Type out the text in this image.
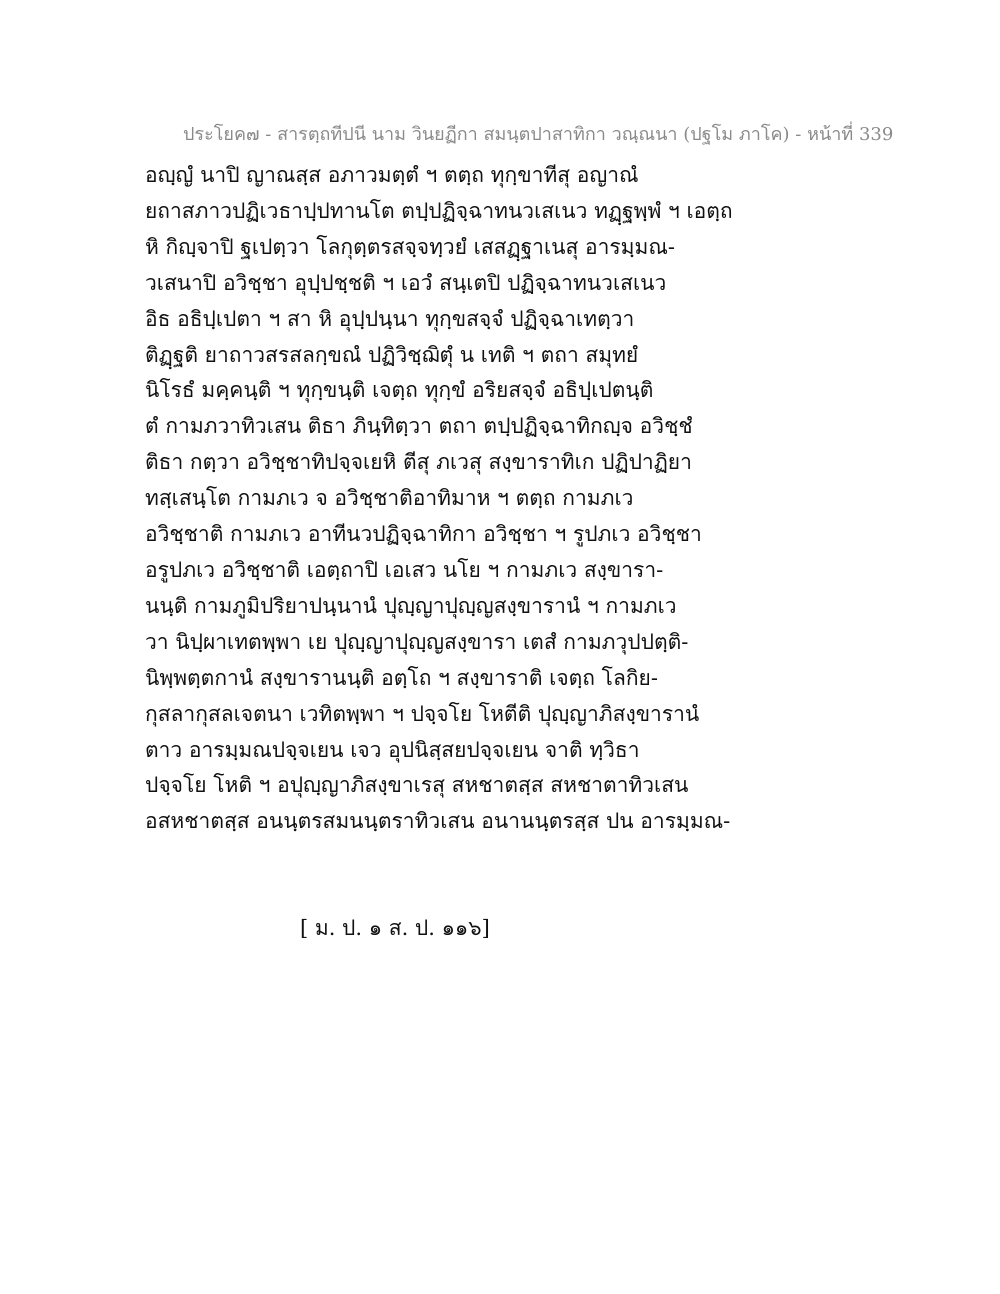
ประโยค๗ - สารตฺถทีปนี นาม วินยฏีกา สมนฺตปาสาทิกา วณฺณนา (ปฐโม ภาโค) - หน้าที่ 339
อญฺญํ นาปิ ญาณสฺส อภาวมตฺตํ ฯ ตตฺถ ทุกฺขาทีสุ อญาณํ
ยถาสภาวปฏิเวธาปฺปทานโต ตปฺปฏิจฺฉาทนวเสเนว ทฏฺฐพฺพํ ฯ เอตฺถ
หิ กิญฺจาปิ ฐเปตฺวา โลกุตฺตรสจฺจทฺวยํ เสสฏฺฐาเนสุ อารมฺมณ-
วเสนาปิ อวิชฺชา อุปฺปชฺชติ ฯ เอวํ สนฺเตปิ ปฏิจฺฉาทนวเสเนว
อิธ อธิปฺเปตา ฯ สา หิ อุปฺปนฺนา ทุกฺขสจฺจํ ปฏิจฺฉาเทตฺวา
ติฏฺฐติ ยาถาวสรสลกฺขณํ ปฏิวิชฺฌิตุํ น เทติ ฯ ตถา สมุทยํ
นิโรธํ มคฺคนฺติ ฯ ทุกฺขนฺติ เจตฺถ ทุกฺขํ อริยสจฺจํ อธิปฺเปตนฺติ
ตํ กามภวาทิวเสน ติธา ภินฺทิตฺวา ตถา ตปฺปฏิจฺฉาทิกญฺจ อวิชฺชํ
ติธา กตฺวา อวิชฺชาทิปจฺจเยหิ ตีสุ ภเวสุ สงฺขาราทิเก ปฏิปาฏิยา
ทสฺเสนฺโต กามภเว จ อวิชฺชาติอาทิมาห ฯ ตตฺถ กามภเว
อวิชฺชาติ กามภเว อาทีนวปฏิจฺฉาทิกา อวิชฺชา ฯ รูปภเว อวิชฺชา
อรูปภเว อวิชฺชาติ เอตฺถาปิ เอเสว นโย ฯ กามภเว สงฺขารา-
นนฺติ กามภูมิปริยาปนฺนานํ ปุญฺญาปุญฺญสงฺขารานํ ฯ กามภเว
วา นิปฺผาเทตพฺพา เย ปุญฺญาปุญฺญสงฺขารา เตสํ กามภวุปปตฺติ-
นิพฺพตฺตกานํ สงฺขารานนฺติ อตฺโถ ฯ สงฺขาราติ เจตฺถ โลกิย-
กุสลากุสลเจตนา เวทิตพฺพา ฯ ปจฺจโย โหตีติ ปุญฺญาภิสงฺขารานํ
ตาว อารมฺมณปจฺจเยน เจว อุปนิสฺสยปจฺจเยน จาติ ทฺวิธา
ปจฺจโย โหติ ฯ อปุญฺญาภิสงฺขาเรสุ สหชาตสฺส สหชาตาทิวเสน
อสหชาตสฺส อนนฺตรสมนนฺตราทิวเสน อนานนฺตรสฺส ปน อารมฺมณ-
[ ม. ป. ๑ ส. ป. ๑๑๖]
